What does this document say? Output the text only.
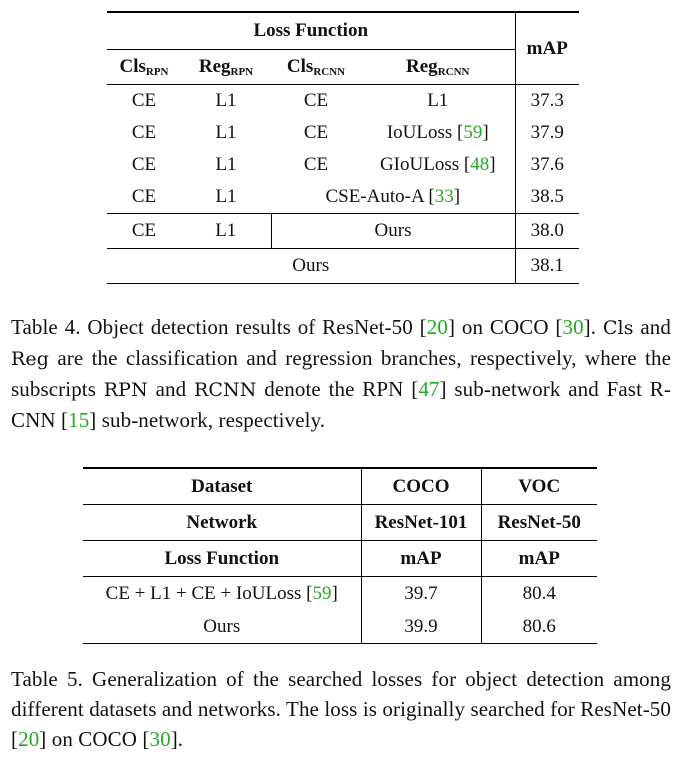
Loss Function				mAP
Cls$_{RPN}$	Reg$_{RPN}$	Cls$_{RCNN}$	Reg$_{RCNN}$
CE	L1	CE	L1	37.3
CE	L1	CE	IoULoss [59]	37.9
CE	L1	CE	GIoULoss [48]	37.6
CE	L1	CSE-Auto-A [33]		38.5
CE	L1	Ours		38.0
Ours				38.1
Table 4. Object detection results of ResNet-50 [20] on COCO [30]. Cls and Reg are the classification and regression branches, respectively, where the subscripts RPN and RCNN denote the RPN [47] sub-network and Fast R-CNN [15] sub-network, respectively.
Dataset	COCO	VOC
Network	ResNet-101	ResNet-50
Loss Function	mAP	mAP
CE + L1 + CE + IoULoss [59]	39.7	80.4
Ours	39.9	80.6
Table 5. Generalization of the searched losses for object detection among different datasets and networks. The loss is originally searched for ResNet-50 [20] on COCO [30].
